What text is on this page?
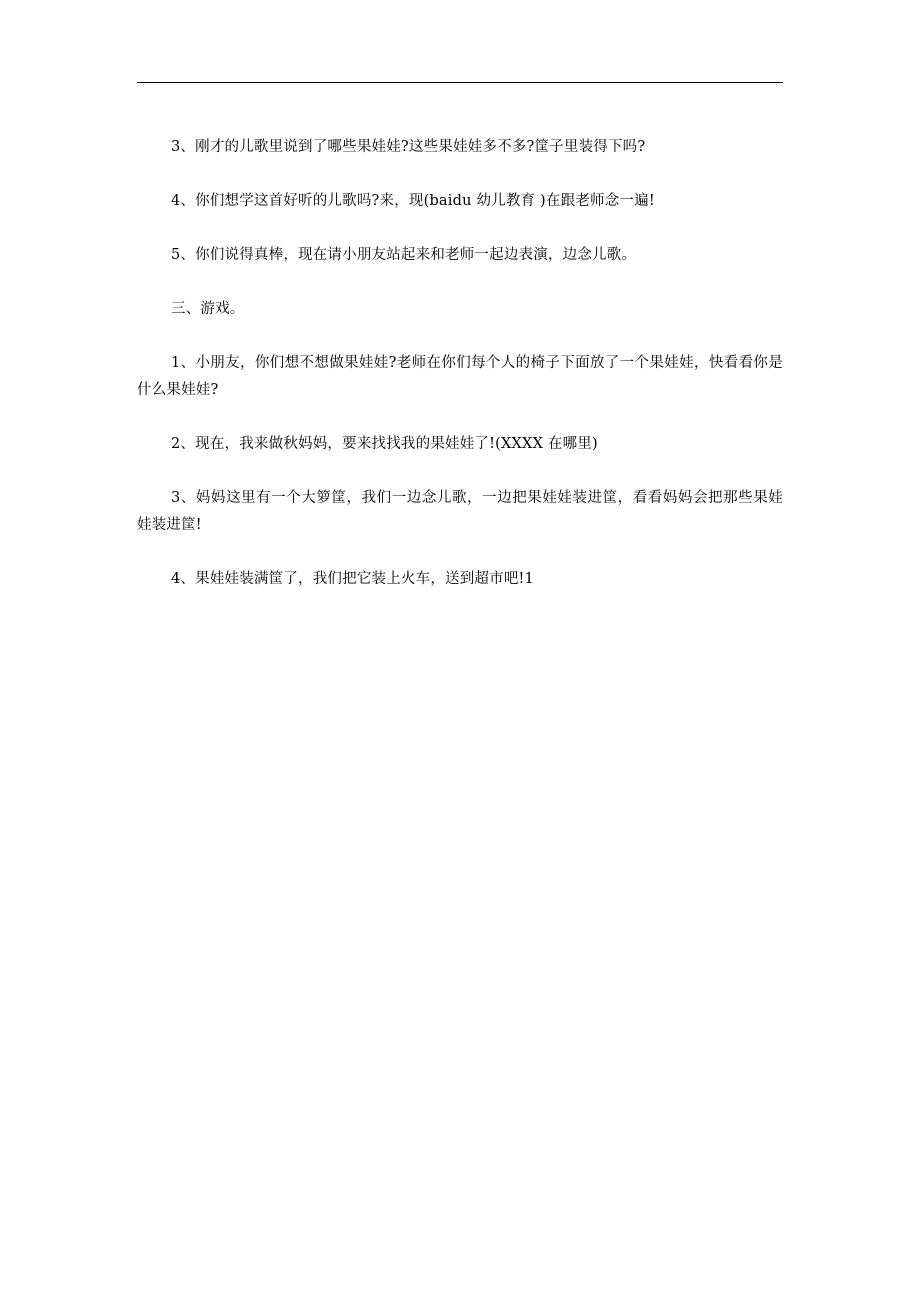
3、刚才的儿歌里说到了哪些果娃娃?这些果娃娃多不多?筐子里装得下吗?

4、你们想学这首好听的儿歌吗?来，现(baidu 幼儿教育 )在跟老师念一遍!

5、你们说得真棒，现在请小朋友站起来和老师一起边表演，边念儿歌。

三、游戏。

1、小朋友，你们想不想做果娃娃?老师在你们每个人的椅子下面放了一个果娃娃，快看看你是什么果娃娃?

2、现在，我来做秋妈妈，要来找找我的果娃娃了!(XXXX 在哪里)

3、妈妈这里有一个大箩筐，我们一边念儿歌，一边把果娃娃装进筐，看看妈妈会把那些果娃娃装进筐!

4、果娃娃装满筐了，我们把它装上火车，送到超市吧!1
